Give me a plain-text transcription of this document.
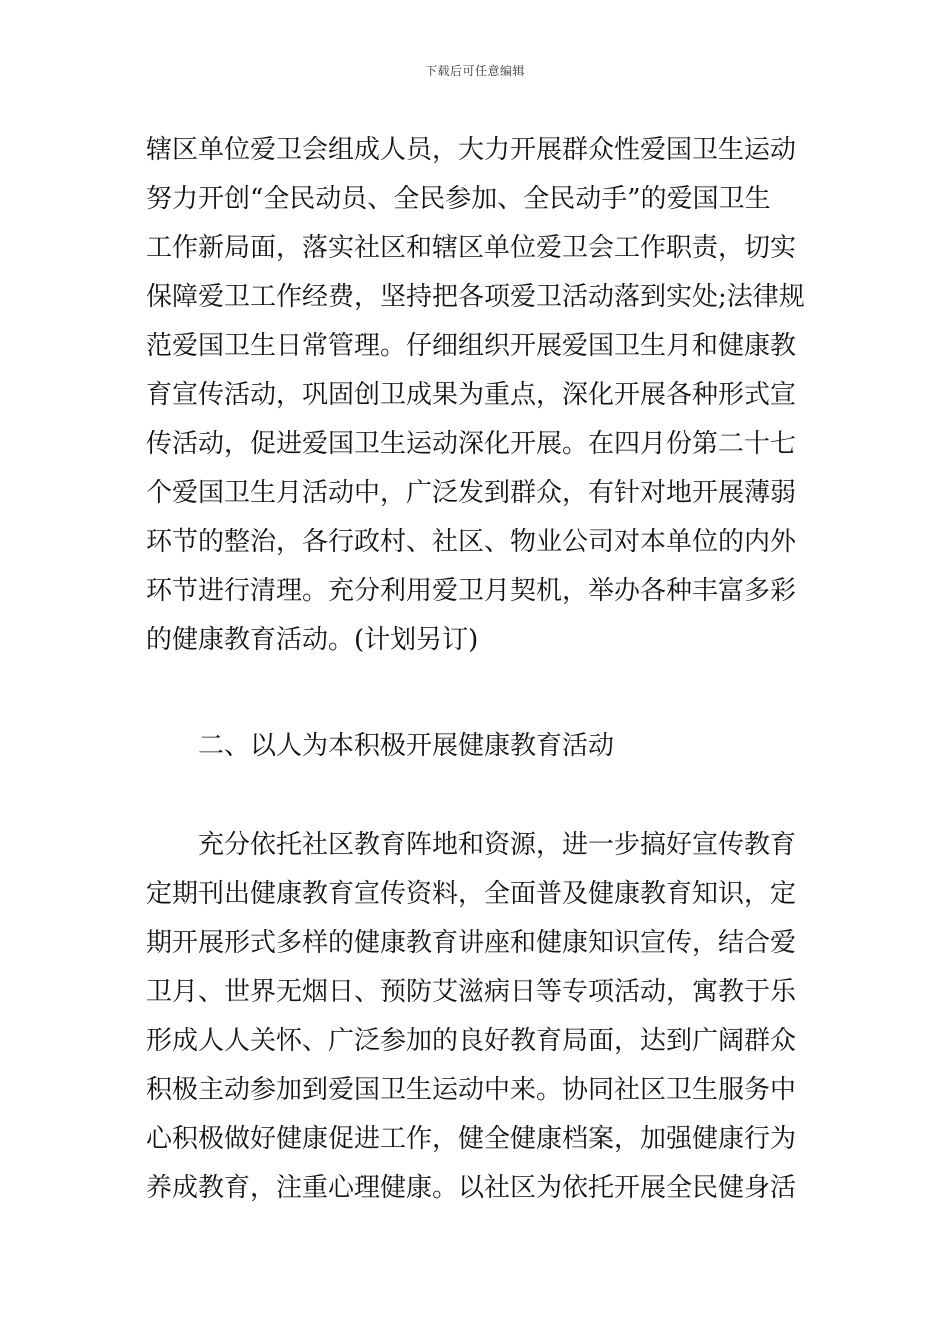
下载后可任意编辑
辖区单位爱卫会组成人员，大力开展群众性爱国卫生运动
努力开创“全民动员、全民参加、全民动手”的爱国卫生
工作新局面，落实社区和辖区单位爱卫会工作职责，切实
保障爱卫工作经费，坚持把各项爱卫活动落到实处;法律规
范爱国卫生日常管理。仔细组织开展爱国卫生月和健康教
育宣传活动，巩固创卫成果为重点，深化开展各种形式宣
传活动，促进爱国卫生运动深化开展。在四月份第二十七
个爱国卫生月活动中，广泛发到群众，有针对地开展薄弱
环节的整治，各行政村、社区、物业公司对本单位的内外
环节进行清理。充分利用爱卫月契机，举办各种丰富多彩
的健康教育活动。(计划另订)
二、以人为本积极开展健康教育活动
充分依托社区教育阵地和资源，进一步搞好宣传教育
定期刊出健康教育宣传资料，全面普及健康教育知识，定
期开展形式多样的健康教育讲座和健康知识宣传，结合爱
卫月、世界无烟日、预防艾滋病日等专项活动，寓教于乐
形成人人关怀、广泛参加的良好教育局面，达到广阔群众
积极主动参加到爱国卫生运动中来。协同社区卫生服务中
心积极做好健康促进工作，健全健康档案，加强健康行为
养成教育，注重心理健康。以社区为依托开展全民健身活
